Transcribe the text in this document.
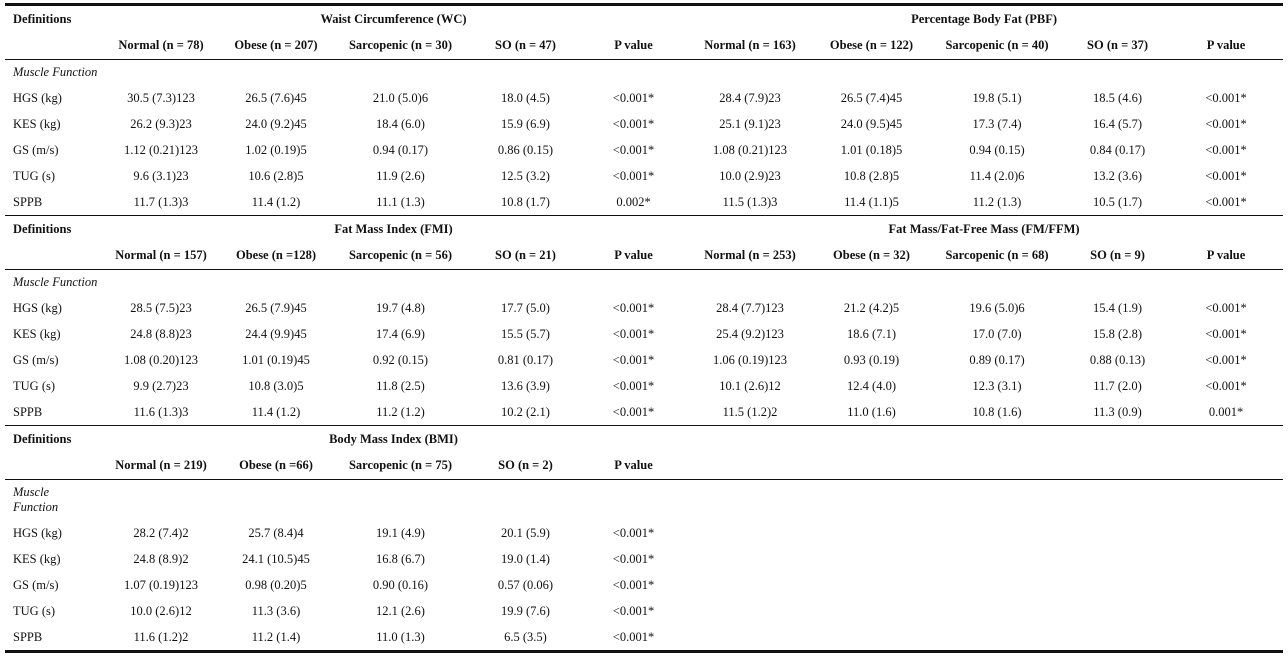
Definitions	Waist Circumference (WC)					Percentage Body Fat (PBF)				
	Normal (n = 78)	Obese (n = 207)	Sarcopenic (n = 30)	SO (n = 47)	P value	Normal (n = 163)	Obese (n = 122)	Sarcopenic (n = 40)	SO (n = 37)	P value
Muscle Function										
HGS (kg)	30.5 (7.3)123	26.5 (7.6)45	21.0 (5.0)6	18.0 (4.5)	<0.001*	28.4 (7.9)23	26.5 (7.4)45	19.8 (5.1)	18.5 (4.6)	<0.001*
KES (kg)	26.2 (9.3)23	24.0 (9.2)45	18.4 (6.0)	15.9 (6.9)	<0.001*	25.1 (9.1)23	24.0 (9.5)45	17.3 (7.4)	16.4 (5.7)	<0.001*
GS (m/s)	1.12 (0.21)123	1.02 (0.19)5	0.94 (0.17)	0.86 (0.15)	<0.001*	1.08 (0.21)123	1.01 (0.18)5	0.94 (0.15)	0.84 (0.17)	<0.001*
TUG (s)	9.6 (3.1)23	10.6 (2.8)5	11.9 (2.6)	12.5 (3.2)	<0.001*	10.0 (2.9)23	10.8 (2.8)5	11.4 (2.0)6	13.2 (3.6)	<0.001*
SPPB	11.7 (1.3)3	11.4 (1.2)	11.1 (1.3)	10.8 (1.7)	0.002*	11.5 (1.3)3	11.4 (1.1)5	11.2 (1.3)	10.5 (1.7)	<0.001*
Definitions	Fat Mass Index (FMI)					Fat Mass/Fat-Free Mass (FM/FFM)				
	Normal (n = 157)	Obese (n =128)	Sarcopenic (n = 56)	SO (n = 21)	P value	Normal (n = 253)	Obese (n = 32)	Sarcopenic (n = 68)	SO (n = 9)	P value
Muscle Function										
HGS (kg)	28.5 (7.5)23	26.5 (7.9)45	19.7 (4.8)	17.7 (5.0)	<0.001*	28.4 (7.7)123	21.2 (4.2)5	19.6 (5.0)6	15.4 (1.9)	<0.001*
KES (kg)	24.8 (8.8)23	24.4 (9.9)45	17.4 (6.9)	15.5 (5.7)	<0.001*	25.4 (9.2)123	18.6 (7.1)	17.0 (7.0)	15.8 (2.8)	<0.001*
GS (m/s)	1.08 (0.20)123	1.01 (0.19)45	0.92 (0.15)	0.81 (0.17)	<0.001*	1.06 (0.19)123	0.93 (0.19)	0.89 (0.17)	0.88 (0.13)	<0.001*
TUG (s)	9.9 (2.7)23	10.8 (3.0)5	11.8 (2.5)	13.6 (3.9)	<0.001*	10.1 (2.6)12	12.4 (4.0)	12.3 (3.1)	11.7 (2.0)	<0.001*
SPPB	11.6 (1.3)3	11.4 (1.2)	11.2 (1.2)	10.2 (2.1)	<0.001*	11.5 (1.2)2	11.0 (1.6)	10.8 (1.6)	11.3 (0.9)	0.001*
Definitions	Body Mass Index (BMI)									
	Normal (n = 219)	Obese (n =66)	Sarcopenic (n = 75)	SO (n = 2)	P value					
Muscle
Function										
HGS (kg)	28.2 (7.4)2	25.7 (8.4)4	19.1 (4.9)	20.1 (5.9)	<0.001*					
KES (kg)	24.8 (8.9)2	24.1 (10.5)45	16.8 (6.7)	19.0 (1.4)	<0.001*					
GS (m/s)	1.07 (0.19)123	0.98 (0.20)5	0.90 (0.16)	0.57 (0.06)	<0.001*					
TUG (s)	10.0 (2.6)12	11.3 (3.6)	12.1 (2.6)	19.9 (7.6)	<0.001*					
SPPB	11.6 (1.2)2	11.2 (1.4)	11.0 (1.3)	6.5 (3.5)	<0.001*					
